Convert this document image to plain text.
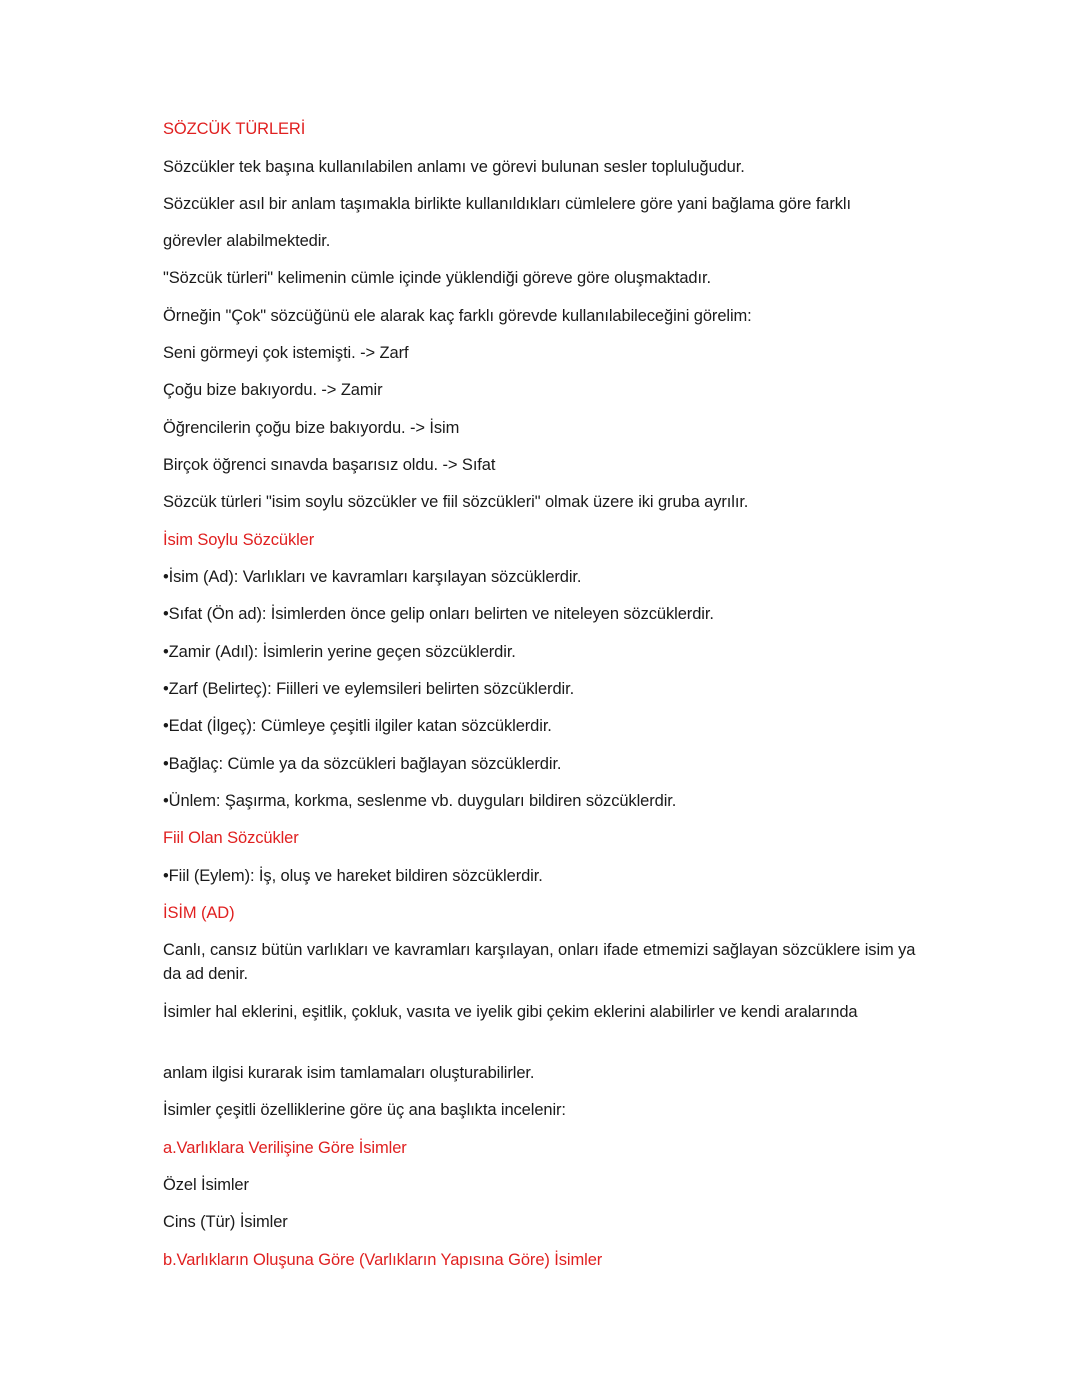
SÖZCÜK TÜRLERİ
Sözcükler tek başına kullanılabilen anlamı ve görevi bulunan sesler topluluğudur.
Sözcükler asıl bir anlam taşımakla birlikte kullanıldıkları cümlelere göre yani bağlama göre farklı
görevler alabilmektedir.
"Sözcük türleri" kelimenin cümle içinde yüklendiği göreve göre oluşmaktadır.
Örneğin "Çok" sözcüğünü ele alarak kaç farklı görevde kullanılabileceğini görelim:
Seni görmeyi çok istemişti. -> Zarf
Çoğu bize bakıyordu. -> Zamir
Öğrencilerin çoğu bize bakıyordu. -> İsim
Birçok öğrenci sınavda başarısız oldu. -> Sıfat
Sözcük türleri "isim soylu sözcükler ve fiil sözcükleri" olmak üzere iki gruba ayrılır.
İsim Soylu Sözcükler
•İsim (Ad): Varlıkları ve kavramları karşılayan sözcüklerdir.
•Sıfat (Ön ad): İsimlerden önce gelip onları belirten ve niteleyen sözcüklerdir.
•Zamir (Adıl): İsimlerin yerine geçen sözcüklerdir.
•Zarf (Belirteç): Fiilleri ve eylemsileri belirten sözcüklerdir.
•Edat (İlgeç): Cümleye çeşitli ilgiler katan sözcüklerdir.
•Bağlaç: Cümle ya da sözcükleri bağlayan sözcüklerdir.
•Ünlem: Şaşırma, korkma, seslenme vb. duyguları bildiren sözcüklerdir.
Fiil Olan Sözcükler
•Fiil (Eylem): İş, oluş ve hareket bildiren sözcüklerdir.
İSİM (AD)
Canlı, cansız bütün varlıkları ve kavramları karşılayan, onları ifade etmemizi sağlayan sözcüklere isim ya da ad denir.
İsimler hal eklerini, eşitlik, çokluk, vasıta ve iyelik gibi çekim eklerini alabilirler ve kendi aralarında
anlam ilgisi kurarak isim tamlamaları oluşturabilirler.
İsimler çeşitli özelliklerine göre üç ana başlıkta incelenir:
a.Varlıklara Verilişine Göre İsimler
Özel İsimler
Cins (Tür) İsimler
b.Varlıkların Oluşuna Göre (Varlıkların Yapısına Göre) İsimler
